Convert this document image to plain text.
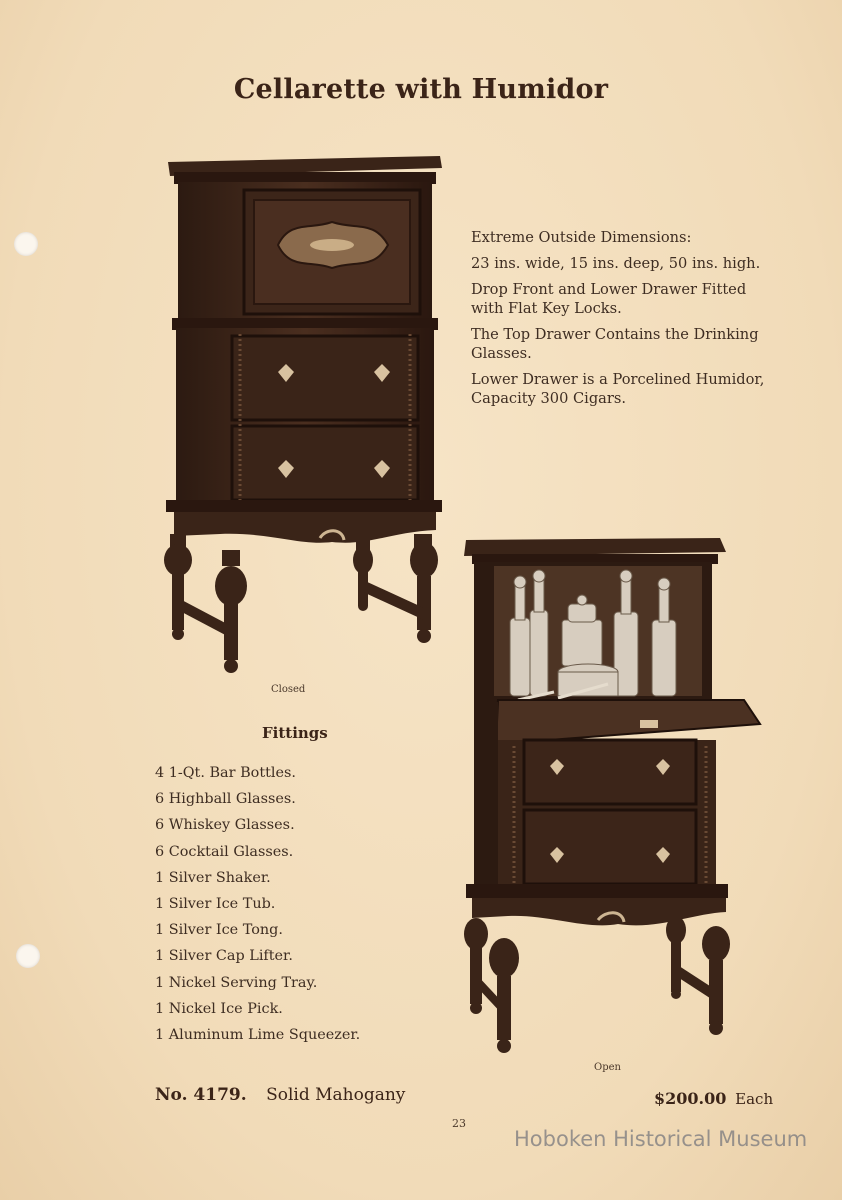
Cellarette with Humidor
Closed

Extreme Outside Dimensions:

23 ins. wide, 15 ins. deep, 50 ins. high.

Drop Front and Lower Drawer Fitted with Flat Key Locks.

The Top Drawer Contains the Drinking Glasses.

Lower Drawer is a Porcelined Humidor, Capacity 300 Cigars.

Open
Fittings
4 1-Qt. Bar Bottles.
6 Highball Glasses.
6 Whiskey Glasses.
6 Cocktail Glasses.
1 Silver Shaker.
1 Silver Ice Tub.
1 Silver Ice Tong.
1 Silver Cap Lifter.
1 Nickel Serving Tray.
1 Nickel Ice Pick.
1 Aluminum Lime Squeezer.
No. 4179. Solid Mahogany	$200.00 Each
23
Hoboken Historical Museum
